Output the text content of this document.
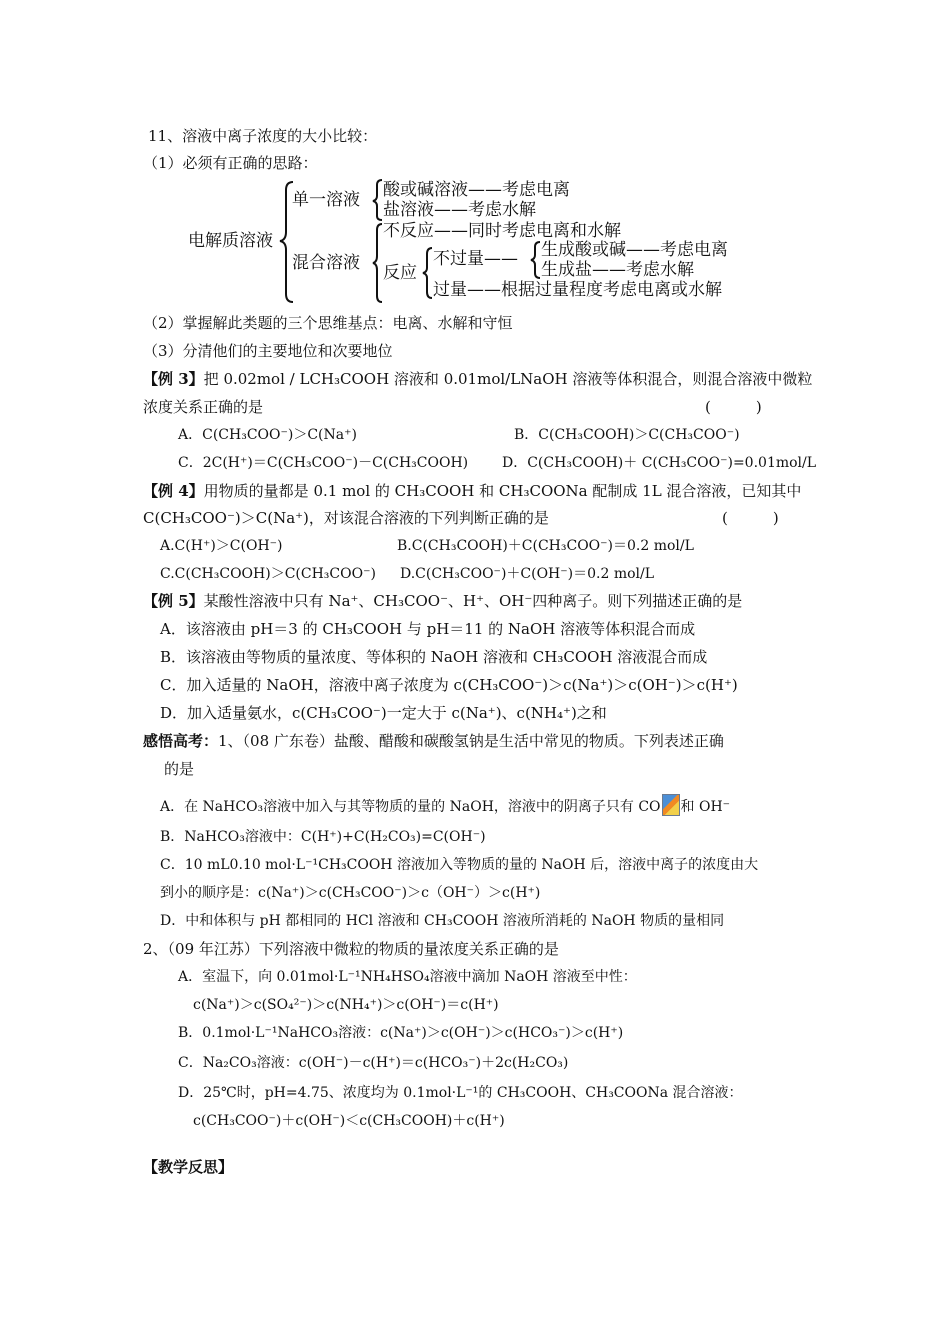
11、溶液中离子浓度的大小比较：
（1）必须有正确的思路：
电解质溶液
单一溶液 酸或碱溶液——考虑电离
盐溶液——考虑水解
混合溶液
不反应——同时考虑电离和水解
反应
不过量—— 生成酸或碱——考虑电离
生成盐——考虑水解
过量——根据过量程度考虑电离或水解
（2）掌握解此类题的三个思维基点：电离、水解和守恒
（3）分清他们的主要地位和次要地位
【例 3】把 0.02mol / LCH₃COOH 溶液和 0.01mol/LNaOH 溶液等体积混合，则混合溶液中微粒
浓度关系正确的是	(　　　)
A．C(CH₃COO⁻)＞C(Na⁺)	B．C(CH₃COOH)＞C(CH₃COO⁻)
C．2C(H⁺)＝C(CH₃COO⁻)－C(CH₃COOH) D．C(CH₃COOH)＋ C(CH₃COO⁻)=0.01mol/L
【例 4】用物质的量都是 0.1 mol 的 CH₃COOH 和 CH₃COONa 配制成 1L 混合溶液，已知其中
C(CH₃COO⁻)＞C(Na⁺)，对该混合溶液的下列判断正确的是	(　　　)
A.C(H⁺)＞C(OH⁻)	B.C(CH₃COOH)＋C(CH₃COO⁻)＝0.2 mol/L
C.C(CH₃COOH)＞C(CH₃COO⁻) D.C(CH₃COO⁻)＋C(OH⁻)＝0.2 mol/L
【例 5】某酸性溶液中只有 Na⁺、CH₃COO⁻、H⁺、OH⁻四种离子。则下列描述正确的是
A．该溶液由 pH＝3 的 CH₃COOH 与 pH＝11 的 NaOH 溶液等体积混合而成
B．该溶液由等物质的量浓度、等体积的 NaOH 溶液和 CH₃COOH 溶液混合而成
C．加入适量的 NaOH，溶液中离子浓度为 c(CH₃COO⁻)＞c(Na⁺)＞c(OH⁻)＞c(H⁺)
D．加入适量氨水，c(CH₃COO⁻)一定大于 c(Na⁺)、c(NH₄⁺)之和
感悟高考：1、（08 广东卷）盐酸、醋酸和碳酸氢钠是生活中常见的物质。下列表述正确
的是
A．在 NaHCO₃溶液中加入与其等物质的量的 NaOH，溶液中的阴离子只有 CO 和 OH⁻
B．NaHCO₃溶液中：C(H⁺)+C(H₂CO₃)=C(OH⁻)
C．10 mL0.10 mol·L⁻¹CH₃COOH 溶液加入等物质的量的 NaOH 后，溶液中离子的浓度由大
到小的顺序是：c(Na⁺)＞c(CH₃COO⁻)＞c（OH⁻）＞c(H⁺)
D．中和体积与 pH 都相同的 HCl 溶液和 CH₃COOH 溶液所消耗的 NaOH 物质的量相同
2、（09 年江苏）下列溶液中微粒的物质的量浓度关系正确的是
A．室温下，向 0.01mol·L⁻¹NH₄HSO₄溶液中滴加 NaOH 溶液至中性：
c(Na⁺)＞c(SO₄²⁻)＞c(NH₄⁺)＞c(OH⁻)＝c(H⁺)
B．0.1mol·L⁻¹NaHCO₃溶液：c(Na⁺)＞c(OH⁻)＞c(HCO₃⁻)＞c(H⁺)
C．Na₂CO₃溶液：c(OH⁻)－c(H⁺)＝c(HCO₃⁻)＋2c(H₂CO₃)
D．25℃时，pH=4.75、浓度均为 0.1mol·L⁻¹的 CH₃COOH、CH₃COONa 混合溶液：
c(CH₃COO⁻)＋c(OH⁻)＜c(CH₃COOH)＋c(H⁺)
【教学反思】
